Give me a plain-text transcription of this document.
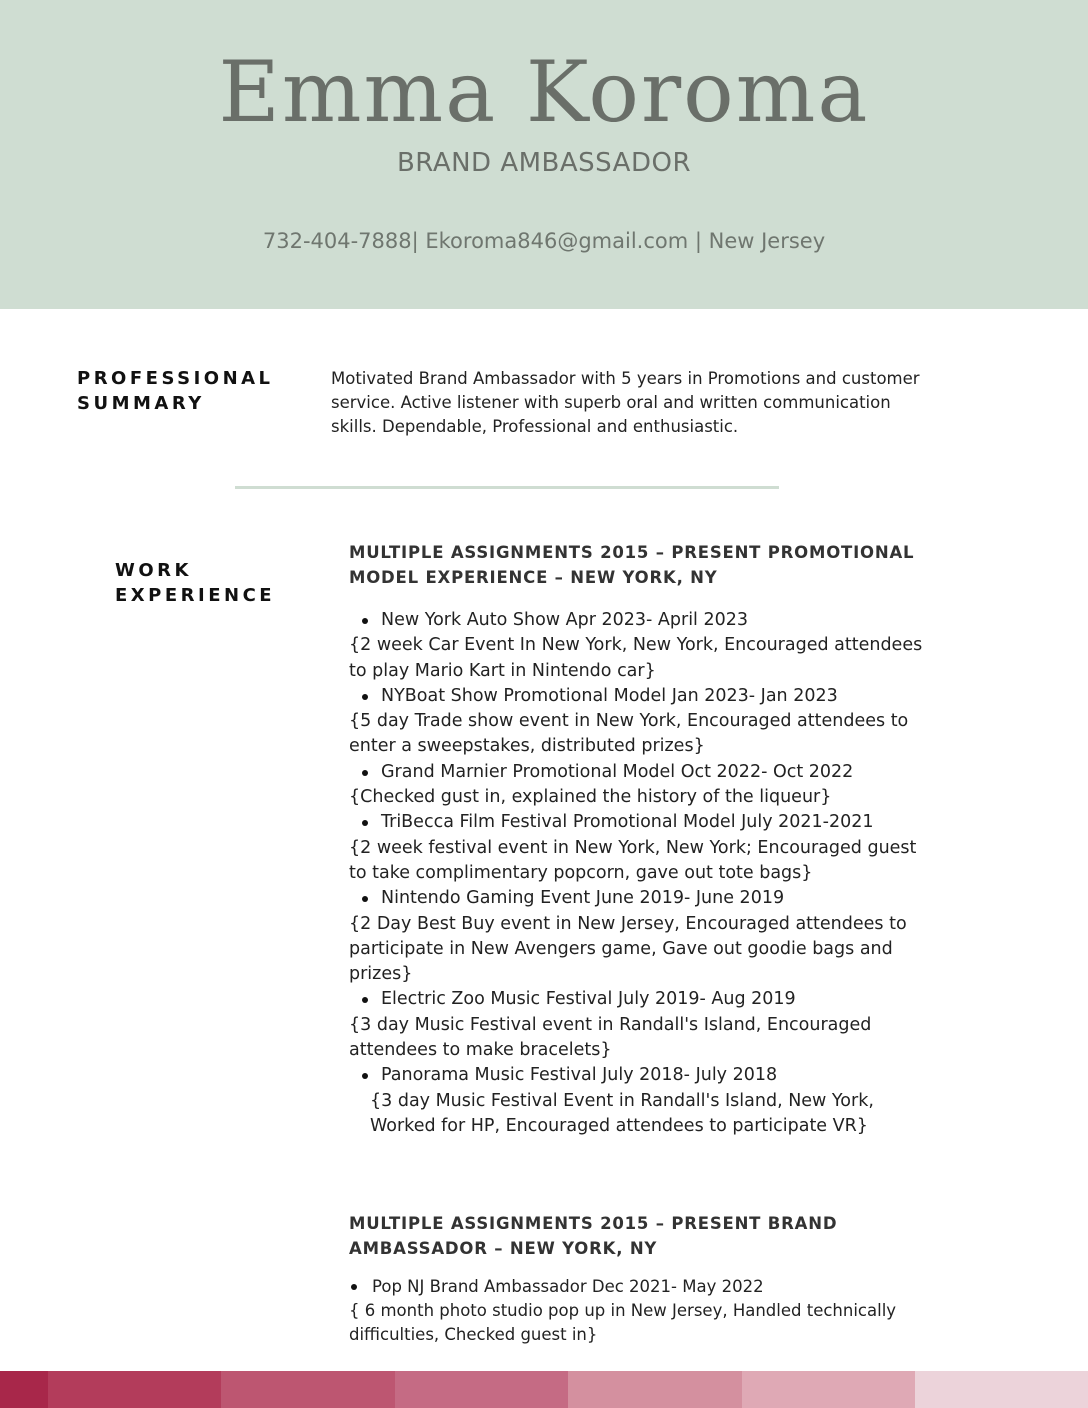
Emma Koroma
BRAND AMBASSADOR
732-404-7888| Ekoroma846@gmail.com | New Jersey
PROFESSIONAL
SUMMARY
Motivated Brand Ambassador with 5 years in Promotions and customer service. Active listener with superb oral and written communication skills. Dependable, Professional and enthusiastic.
WORK
EXPERIENCE
MULTIPLE ASSIGNMENTS 2015 – PRESENT PROMOTIONAL MODEL EXPERIENCE – NEW YORK, NY
New York Auto Show Apr 2023- April 2023
{2 week Car Event In New York, New York, Encouraged attendees to play Mario Kart in Nintendo car}
NYBoat Show Promotional Model Jan 2023- Jan 2023
{5 day Trade show event in New York, Encouraged attendees to enter a sweepstakes, distributed prizes}
Grand Marnier Promotional Model Oct 2022- Oct 2022
{Checked gust in, explained the history of the liqueur}
TriBecca Film Festival Promotional Model July 2021-2021
{2 week festival event in New York, New York; Encouraged guest to take complimentary popcorn, gave out tote bags}
Nintendo Gaming Event June 2019- June 2019
{2 Day Best Buy event in New Jersey, Encouraged attendees to participate in New Avengers game, Gave out goodie bags and prizes}
Electric Zoo Music Festival July 2019- Aug 2019
{3 day Music Festival event in Randall's Island, Encouraged attendees to make bracelets}
Panorama Music Festival July 2018- July 2018
{3 day Music Festival Event in Randall's Island, New York, Worked for HP, Encouraged attendees to participate VR}
MULTIPLE ASSIGNMENTS 2015 – PRESENT BRAND AMBASSADOR – NEW YORK, NY
Pop NJ Brand Ambassador Dec 2021- May 2022
{ 6 month photo studio pop up in New Jersey, Handled technically difficulties, Checked guest in}
